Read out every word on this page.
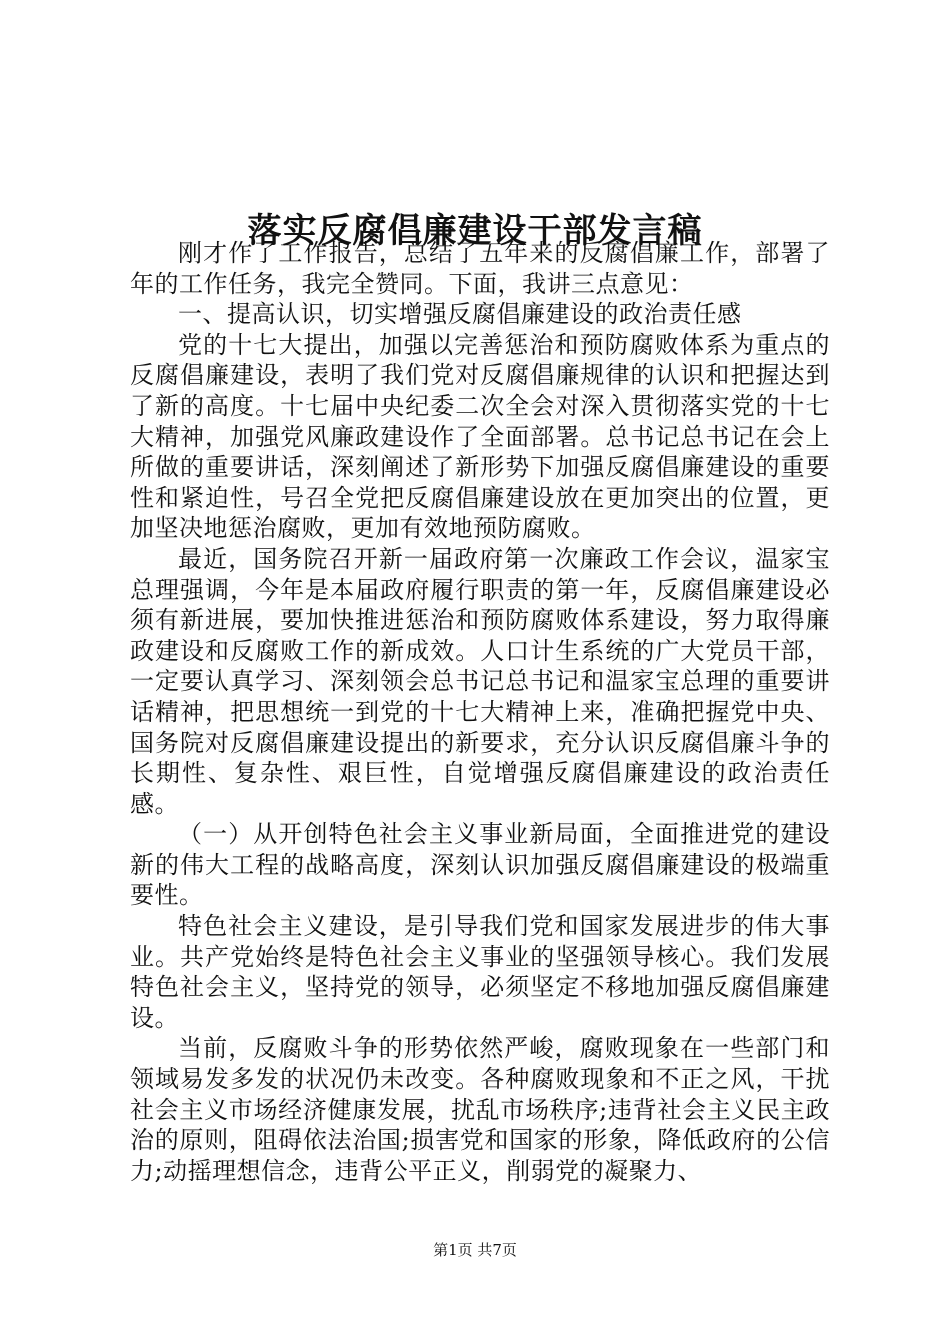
落实反腐倡廉建设干部发言稿

刚才作了工作报告，总结了五年来的反腐倡廉工作，部署了年的工作任务，我完全赞同。下面，我讲三点意见：

一、提高认识，切实增强反腐倡廉建设的政治责任感

党的十七大提出，加强以完善惩治和预防腐败体系为重点的反腐倡廉建设，表明了我们党对反腐倡廉规律的认识和把握达到了新的高度。十七届中央纪委二次全会对深入贯彻落实党的十七大精神，加强党风廉政建设作了全面部署。总书记总书记在会上所做的重要讲话，深刻阐述了新形势下加强反腐倡廉建设的重要性和紧迫性，号召全党把反腐倡廉建设放在更加突出的位置，更加坚决地惩治腐败，更加有效地预防腐败。

最近，国务院召开新一届政府第一次廉政工作会议，温家宝总理强调，今年是本届政府履行职责的第一年，反腐倡廉建设必须有新进展，要加快推进惩治和预防腐败体系建设，努力取得廉政建设和反腐败工作的新成效。人口计生系统的广大党员干部，一定要认真学习、深刻领会总书记总书记和温家宝总理的重要讲话精神，把思想统一到党的十七大精神上来，准确把握党中央、国务院对反腐倡廉建设提出的新要求，充分认识反腐倡廉斗争的长期性、复杂性、艰巨性，自觉增强反腐倡廉建设的政治责任感。

（一）从开创特色社会主义事业新局面，全面推进党的建设新的伟大工程的战略高度，深刻认识加强反腐倡廉建设的极端重要性。

特色社会主义建设，是引导我们党和国家发展进步的伟大事业。共产党始终是特色社会主义事业的坚强领导核心。我们发展特色社会主义，坚持党的领导，必须坚定不移地加强反腐倡廉建设。

当前，反腐败斗争的形势依然严峻，腐败现象在一些部门和领域易发多发的状况仍未改变。各种腐败现象和不正之风，干扰社会主义市场经济健康发展，扰乱市场秩序;违背社会主义民主政治的原则，阻碍依法治国;损害党和国家的形象，降低政府的公信力;动摇理想信念，违背公平正义，削弱党的凝聚力、

第1页 共7页
